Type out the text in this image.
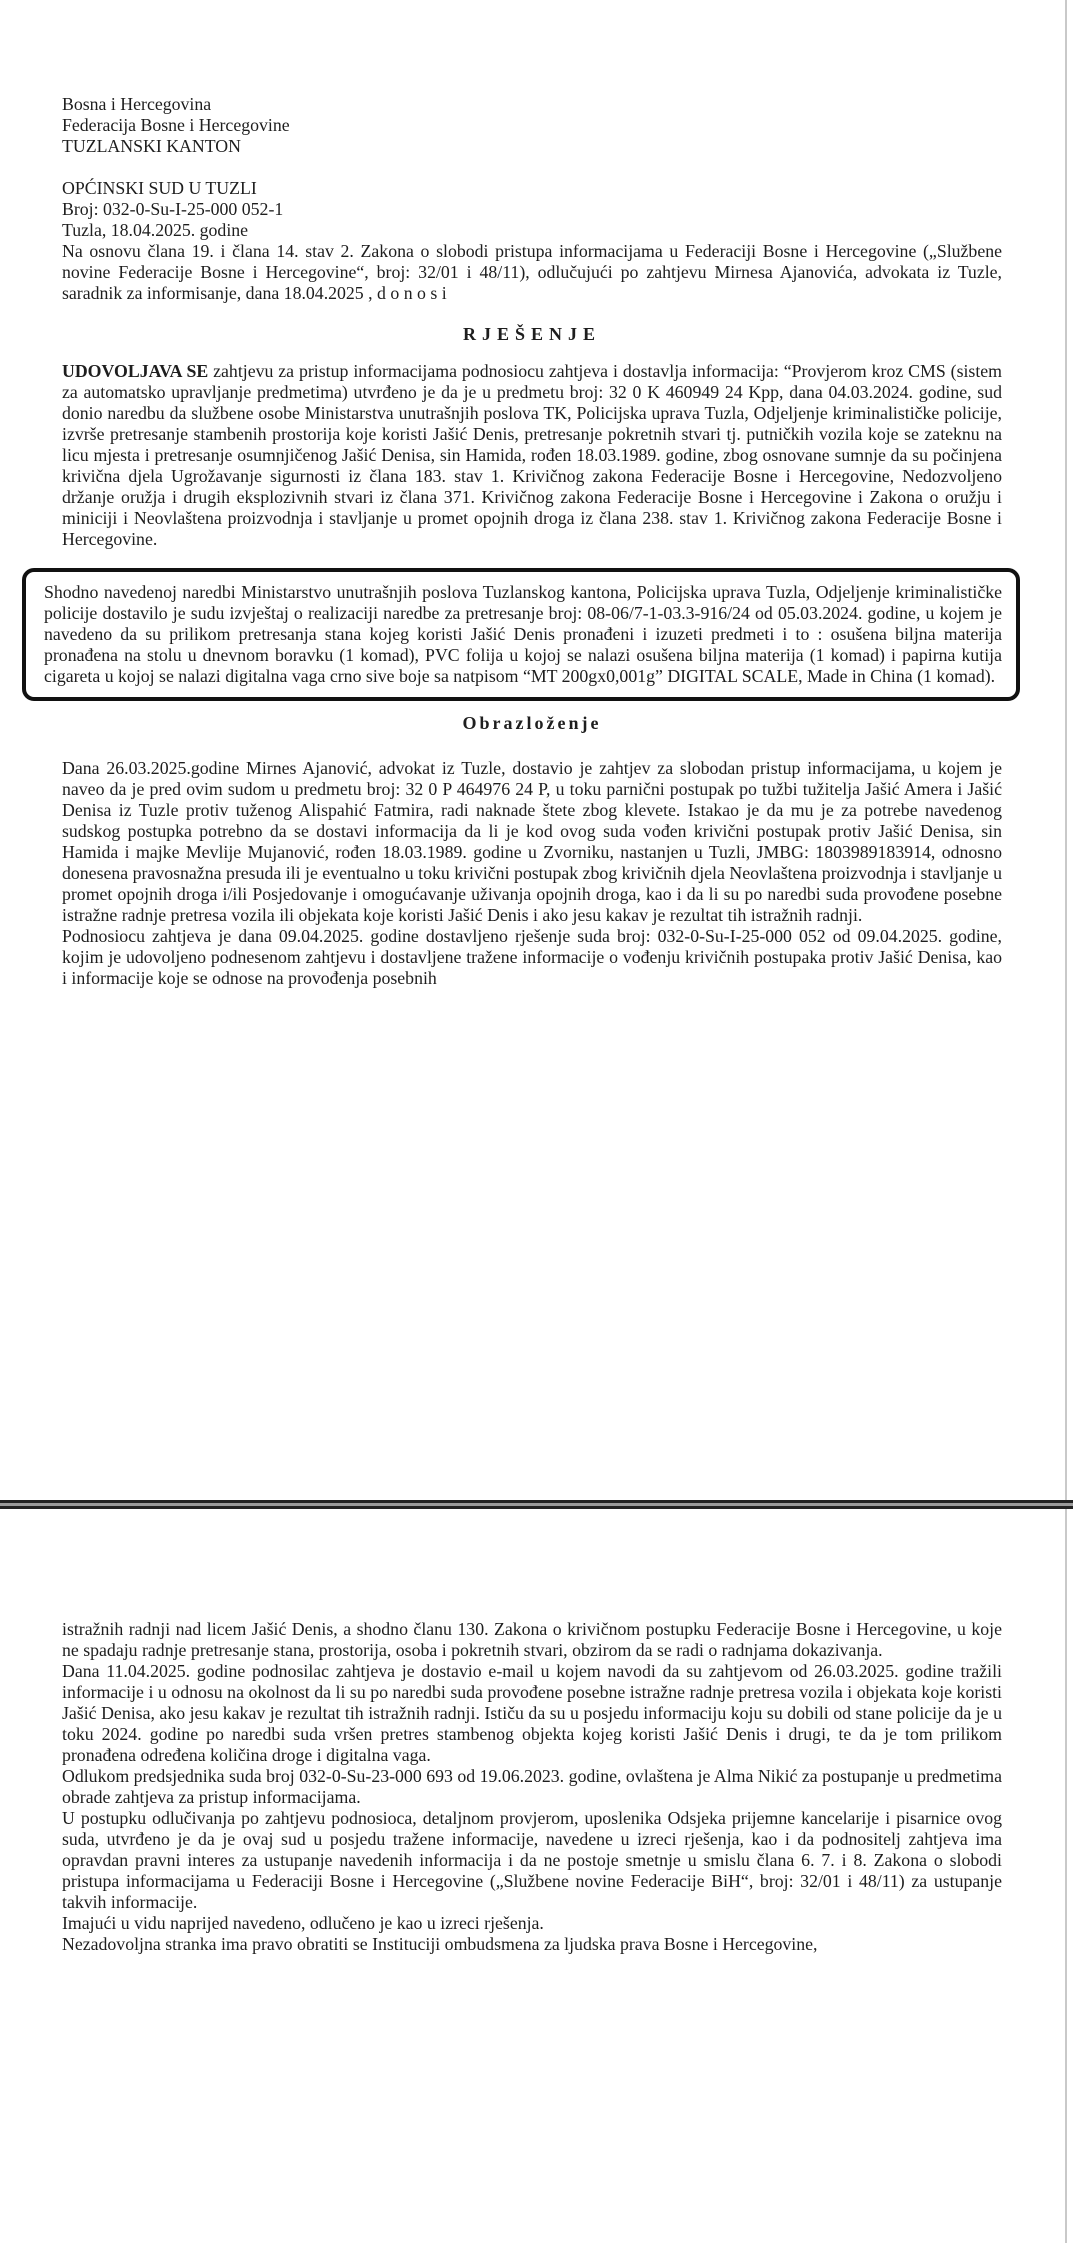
Bosna i Hercegovina

Federacija Bosne i Hercegovine

TUZLANSKI KANTON

OPĆINSKI SUD U TUZLI

Broj: 032-0-Su-I-25-000 052-1

Tuzla, 18.04.2025. godine

Na osnovu člana 19. i člana 14. stav 2. Zakona o slobodi pristupa informacijama u Federaciji Bosne i Hercegovine („Službene novine Federacije Bosne i Hercegovine“, broj: 32/01 i 48/11), odlučujući po zahtjevu Mirnesa Ajanovića, advokata iz Tuzle, saradnik za informisanje, dana 18.04.2025 , d o n o s i

RJEŠENJE

UDOVOLJAVA SE zahtjevu za pristup informacijama podnosiocu zahtjeva i dostavlja informacija: “Provjerom kroz CMS (sistem za automatsko upravljanje predmetima) utvrđeno je da je u predmetu broj: 32 0 K 460949 24 Kpp, dana 04.03.2024. godine, sud donio naredbu da službene osobe Ministarstva unutrašnjih poslova TK, Policijska uprava Tuzla, Odjeljenje kriminalističke policije, izvrše pretresanje stambenih prostorija koje koristi Jašić Denis, pretresanje pokretnih stvari tj. putničkih vozila koje se zateknu na licu mjesta i pretresanje osumnjičenog Jašić Denisa, sin Hamida, rođen 18.03.1989. godine, zbog osnovane sumnje da su počinjena krivična djela Ugrožavanje sigurnosti iz člana 183. stav 1. Krivičnog zakona Federacije Bosne i Hercegovine, Nedozvoljeno držanje oružja i drugih eksplozivnih stvari iz člana 371. Krivičnog zakona Federacije Bosne i Hercegovine i Zakona o oružju i miniciji i Neovlaštena proizvodnja i stavljanje u promet opojnih droga iz člana 238. stav 1. Krivičnog zakona Federacije Bosne i Hercegovine.

Shodno navedenoj naredbi Ministarstvo unutrašnjih poslova Tuzlanskog kantona, Policijska uprava Tuzla, Odjeljenje kriminalističke policije dostavilo je sudu izvještaj o realizaciji naredbe za pretresanje broj: 08-06/7-1-03.3-916/24 od 05.03.2024. godine, u kojem je navedeno da su prilikom pretresanja stana kojeg koristi Jašić Denis pronađeni i izuzeti predmeti i to : osušena biljna materija pronađena na stolu u dnevnom boravku (1 komad), PVC folija u kojoj se nalazi osušena biljna materija (1 komad) i papirna kutija cigareta u kojoj se nalazi digitalna vaga crno sive boje sa natpisom “MT 200gx0,001g” DIGITAL SCALE, Made in China (1 komad).

Obrazloženje

Dana 26.03.2025.godine Mirnes Ajanović, advokat iz Tuzle, dostavio je zahtjev za slobodan pristup informacijama, u kojem je naveo da je pred ovim sudom u predmetu broj: 32 0 P 464976 24 P, u toku parnični postupak po tužbi tužitelja Jašić Amera i Jašić Denisa iz Tuzle protiv tuženog Alispahić Fatmira, radi naknade štete zbog klevete. Istakao je da mu je za potrebe navedenog sudskog postupka potrebno da se dostavi informacija da li je kod ovog suda vođen krivični postupak protiv Jašić Denisa, sin Hamida i majke Mevlije Mujanović, rođen 18.03.1989. godine u Zvorniku, nastanjen u Tuzli, JMBG: 1803989183914, odnosno donesena pravosnažna presuda ili je eventualno u toku krivični postupak zbog krivičnih djela Neovlaštena proizvodnja i stavljanje u promet opojnih droga i/ili Posjedovanje i omogućavanje uživanja opojnih droga, kao i da li su po naredbi suda provođene posebne istražne radnje pretresa vozila ili objekata koje koristi Jašić Denis i ako jesu kakav je rezultat tih istražnih radnji.

Podnosiocu zahtjeva je dana 09.04.2025. godine dostavljeno rješenje suda broj: 032-0-Su-I-25-000 052 od 09.04.2025. godine, kojim je udovoljeno podnesenom zahtjevu i dostavljene tražene informacije o vođenju krivičnih postupaka protiv Jašić Denisa, kao i informacije koje se odnose na provođenja posebnih

istražnih radnji nad licem Jašić Denis, a shodno članu 130. Zakona o krivičnom postupku Federacije Bosne i Hercegovine, u koje ne spadaju radnje pretresanje stana, prostorija, osoba i pokretnih stvari, obzirom da se radi o radnjama dokazivanja.

Dana 11.04.2025. godine podnosilac zahtjeva je dostavio e-mail u kojem navodi da su zahtjevom od 26.03.2025. godine tražili informacije i u odnosu na okolnost da li su po naredbi suda provođene posebne istražne radnje pretresa vozila i objekata koje koristi Jašić Denisa, ako jesu kakav je rezultat tih istražnih radnji. Ističu da su u posjedu informaciju koju su dobili od stane policije da je u toku 2024. godine po naredbi suda vršen pretres stambenog objekta kojeg koristi Jašić Denis i drugi, te da je tom prilikom pronađena određena količina droge i digitalna vaga.

Odlukom predsjednika suda broj 032-0-Su-23-000 693 od 19.06.2023. godine, ovlaštena je Alma Nikić za postupanje u predmetima obrade zahtjeva za pristup informacijama.

U postupku odlučivanja po zahtjevu podnosioca, detaljnom provjerom, uposlenika Odsjeka prijemne kancelarije i pisarnice ovog suda, utvrđeno je da je ovaj sud u posjedu tražene informacije, navedene u izreci rješenja, kao i da podnositelj zahtjeva ima opravdan pravni interes za ustupanje navedenih informacija i da ne postoje smetnje u smislu člana 6. 7. i 8. Zakona o slobodi pristupa informacijama u Federaciji Bosne i Hercegovine („Službene novine Federacije BiH“, broj: 32/01 i 48/11) za ustupanje takvih informacije.

Imajući u vidu naprijed navedeno, odlučeno je kao u izreci rješenja.

Nezadovoljna stranka ima pravo obratiti se Instituciji ombudsmena za ljudska prava Bosne i Hercegovine,
